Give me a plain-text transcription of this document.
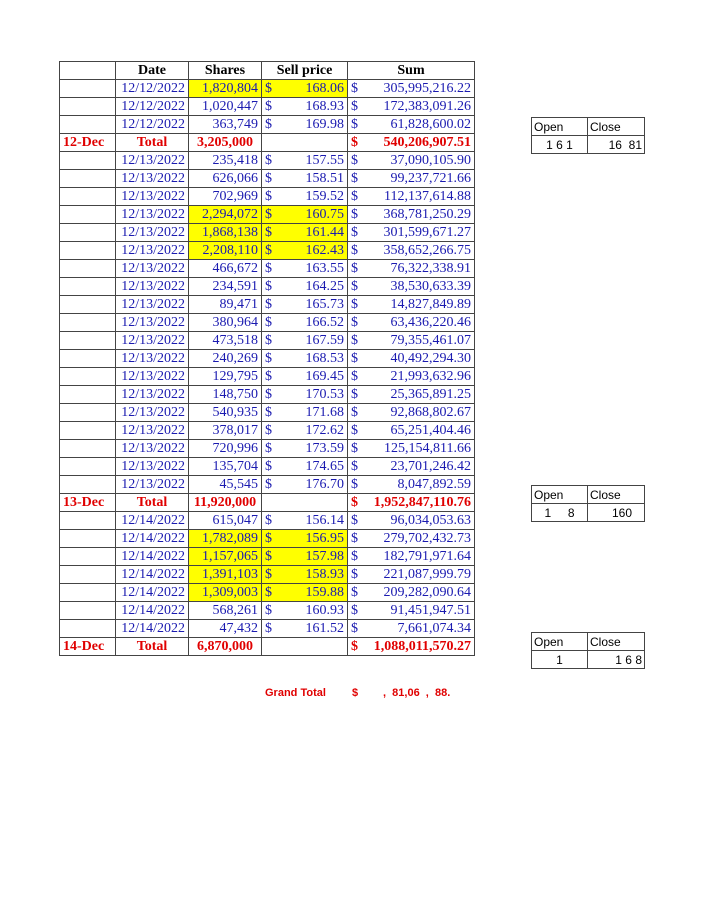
	Date	Shares	Sell price	Sum
	12/12/2022	1,820,804	$ 168.06	$ 305,995,216.22

	12/12/2022	1,020,447	$ 168.93	$ 172,383,091.26

	12/12/2022	363,749	$ 169.98	$ 61,828,600.02

12-Dec	Total	3,205,000		$ 540,206,907.51

	12/13/2022	235,418	$ 157.55	$ 37,090,105.90

	12/13/2022	626,066	$ 158.51	$ 99,237,721.66

	12/13/2022	702,969	$ 159.52	$ 112,137,614.88

	12/13/2022	2,294,072	$ 160.75	$ 368,781,250.29

	12/13/2022	1,868,138	$ 161.44	$ 301,599,671.27

	12/13/2022	2,208,110	$ 162.43	$ 358,652,266.75

	12/13/2022	466,672	$ 163.55	$ 76,322,338.91

	12/13/2022	234,591	$ 164.25	$ 38,530,633.39

	12/13/2022	89,471	$ 165.73	$ 14,827,849.89

	12/13/2022	380,964	$ 166.52	$ 63,436,220.46

	12/13/2022	473,518	$ 167.59	$ 79,355,461.07

	12/13/2022	240,269	$ 168.53	$ 40,492,294.30

	12/13/2022	129,795	$ 169.45	$ 21,993,632.96

	12/13/2022	148,750	$ 170.53	$ 25,365,891.25

	12/13/2022	540,935	$ 171.68	$ 92,868,802.67

	12/13/2022	378,017	$ 172.62	$ 65,251,404.46

	12/13/2022	720,996	$ 173.59	$ 125,154,811.66

	12/13/2022	135,704	$ 174.65	$ 23,701,246.42

	12/13/2022	45,545	$ 176.70	$ 8,047,892.59

13-Dec	Total	11,920,000		$ 1,952,847,110.76

	12/14/2022	615,047	$ 156.14	$ 96,034,053.63

	12/14/2022	1,782,089	$ 156.95	$ 279,702,432.73

	12/14/2022	1,157,065	$ 157.98	$ 182,791,971.64

	12/14/2022	1,391,103	$ 158.93	$ 221,087,999.79

	12/14/2022	1,309,003	$ 159.88	$ 209,282,090.64

	12/14/2022	568,261	$ 160.93	$ 91,451,947.51

	12/14/2022	47,432	$ 161.52	$ 7,661,074.34

14-Dec	Total	6,870,000		$ 1,088,011,570.27
Open	Close
1 6 1	16  81
Open	Close
1     8	160
Open	Close
1	1 6 8

Grand Total

$

,  81,06  ,  88.
